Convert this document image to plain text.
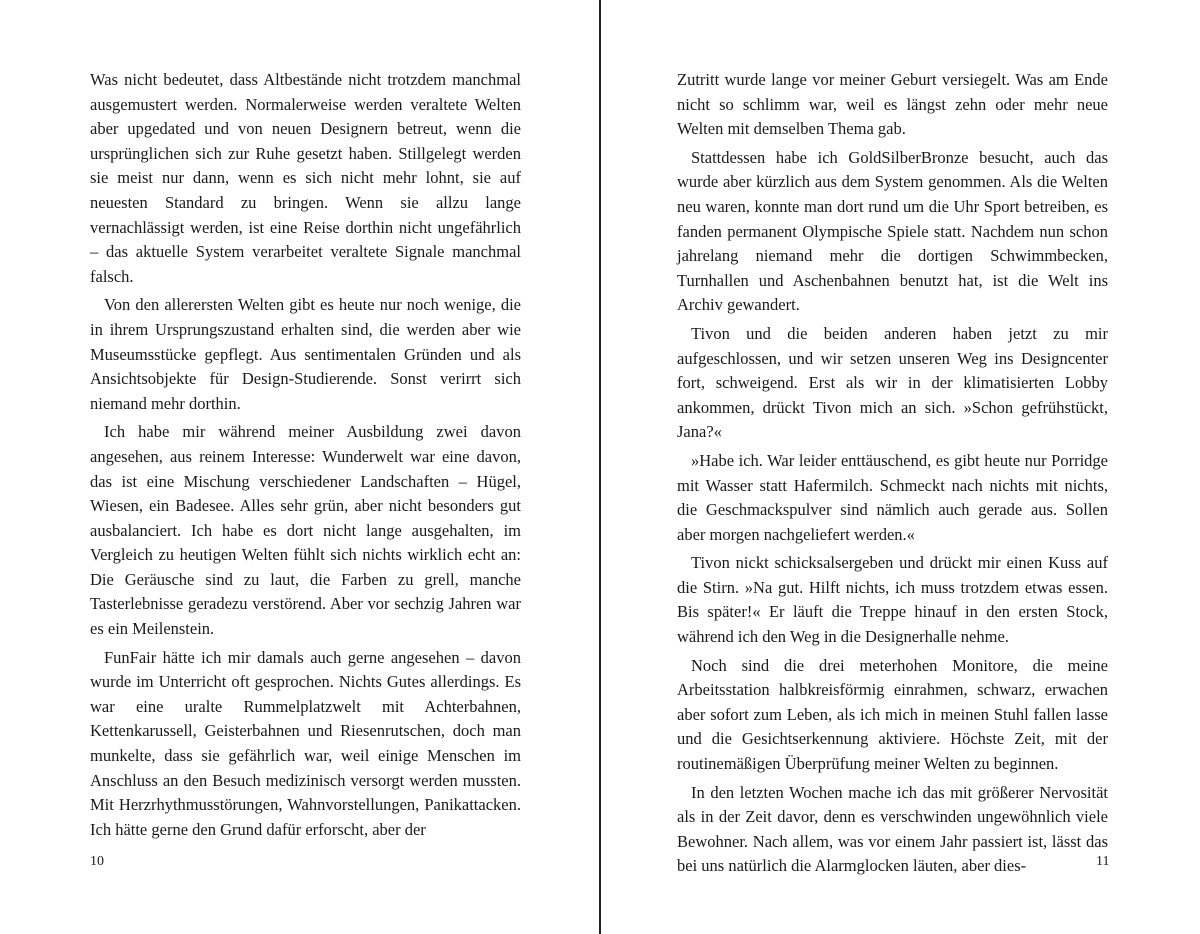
Was nicht bedeutet, dass Altbestände nicht trotzdem manchmal ausgemustert werden. Normalerweise werden veraltete Welten aber upgedated und von neuen Designern betreut, wenn die ursprünglichen sich zur Ruhe gesetzt haben. Stillgelegt werden sie meist nur dann, wenn es sich nicht mehr lohnt, sie auf neuesten Standard zu bringen. Wenn sie allzu lange vernachlässigt werden, ist eine Reise dorthin nicht ungefährlich – das aktuelle System verarbeitet veraltete Signale manchmal falsch.

Von den allerersten Welten gibt es heute nur noch wenige, die in ihrem Ursprungszustand erhalten sind, die werden aber wie Museumsstücke gepflegt. Aus sentimentalen Gründen und als Ansichtsobjekte für Design-Studierende. Sonst verirrt sich niemand mehr dorthin.

Ich habe mir während meiner Ausbildung zwei davon angesehen, aus reinem Interesse: Wunderwelt war eine davon, das ist eine Mischung verschiedener Landschaften – Hügel, Wiesen, ein Badesee. Alles sehr grün, aber nicht besonders gut ausbalanciert. Ich habe es dort nicht lange ausgehalten, im Vergleich zu heutigen Welten fühlt sich nichts wirklich echt an: Die Geräusche sind zu laut, die Farben zu grell, manche Tasterlebnisse geradezu verstörend. Aber vor sechzig Jahren war es ein Meilenstein.

FunFair hätte ich mir damals auch gerne angesehen – davon wurde im Unterricht oft gesprochen. Nichts Gutes allerdings. Es war eine uralte Rummelplatzwelt mit Achterbahnen, Kettenkarussell, Geisterbahnen und Riesenrutschen, doch man munkelte, dass sie gefährlich war, weil einige Menschen im Anschluss an den Besuch medizinisch versorgt werden mussten. Mit Herzrhythmusstörungen, Wahnvorstellungen, Panikattacken. Ich hätte gerne den Grund dafür erforscht, aber der

10

Zutritt wurde lange vor meiner Geburt versiegelt. Was am Ende nicht so schlimm war, weil es längst zehn oder mehr neue Welten mit demselben Thema gab.

Stattdessen habe ich GoldSilberBronze besucht, auch das wurde aber kürzlich aus dem System genommen. Als die Welten neu waren, konnte man dort rund um die Uhr Sport betreiben, es fanden permanent Olympische Spiele statt. Nachdem nun schon jahrelang niemand mehr die dortigen Schwimmbecken, Turnhallen und Aschenbahnen benutzt hat, ist die Welt ins Archiv gewandert.

Tivon und die beiden anderen haben jetzt zu mir aufgeschlossen, und wir setzen unseren Weg ins Designcenter fort, schweigend. Erst als wir in der klimatisierten Lobby ankommen, drückt Tivon mich an sich. »Schon gefrühstückt, Jana?«

»Habe ich. War leider enttäuschend, es gibt heute nur Porridge mit Wasser statt Hafermilch. Schmeckt nach nichts mit nichts, die Geschmackspulver sind nämlich auch gerade aus. Sollen aber morgen nachgeliefert werden.«

Tivon nickt schicksalsergeben und drückt mir einen Kuss auf die Stirn. »Na gut. Hilft nichts, ich muss trotzdem etwas essen. Bis später!« Er läuft die Treppe hinauf in den ersten Stock, während ich den Weg in die Designerhalle nehme.

Noch sind die drei meterhohen Monitore, die meine Arbeitsstation halbkreisförmig einrahmen, schwarz, erwachen aber sofort zum Leben, als ich mich in meinen Stuhl fallen lasse und die Gesichtserkennung aktiviere. Höchste Zeit, mit der routinemäßigen Überprüfung meiner Welten zu beginnen.

In den letzten Wochen mache ich das mit größerer Nervosität als in der Zeit davor, denn es verschwinden ungewöhnlich viele Bewohner. Nach allem, was vor einem Jahr passiert ist, lässt das bei uns natürlich die Alarmglocken läuten, aber dies-	11
